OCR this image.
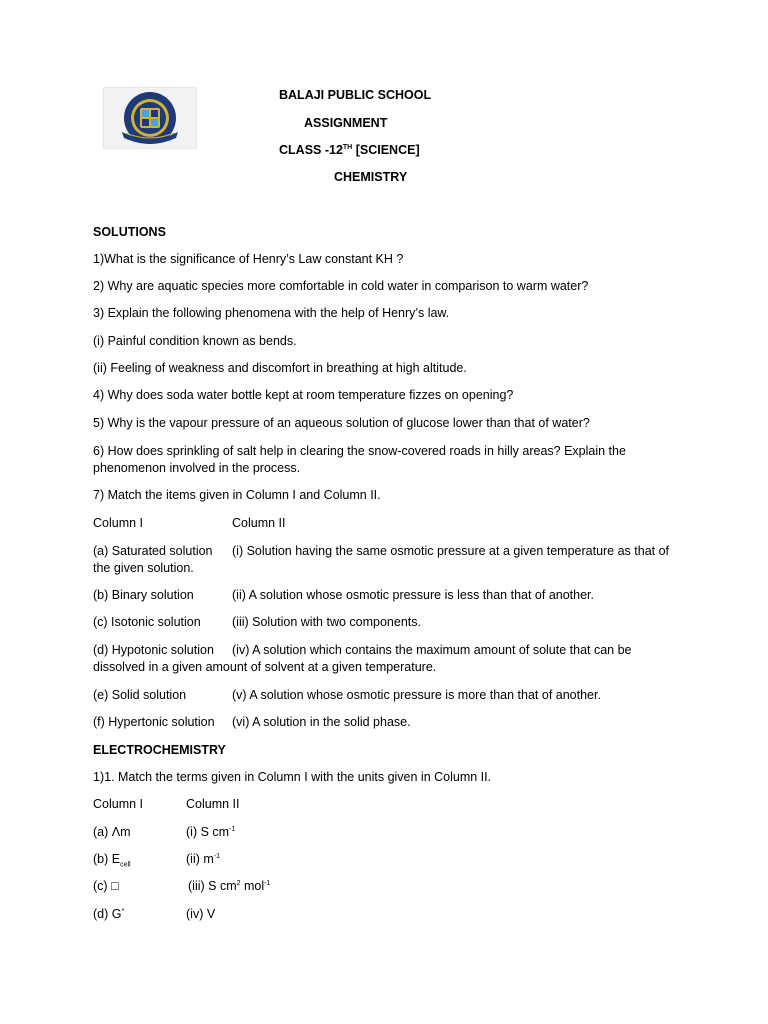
BALAJI PUBLIC SCHOOL
ASSIGNMENT
CLASS -12TH [SCIENCE]
CHEMISTRY
SOLUTIONS
1)What is the significance of Henry’s Law constant KH ?
2) Why are aquatic species more comfortable in cold water in comparison to warm water?
3) Explain the following phenomena with the help of Henry’s law.
(i) Painful condition known as bends.
(ii) Feeling of weakness and discomfort in breathing at high altitude.
4) Why does soda water bottle kept at room temperature fizzes on opening?
5) Why is the vapour pressure of an aqueous solution of glucose lower than that of water?
6) How does sprinkling of salt help in clearing the snow-covered roads in hilly areas? Explain the phenomenon involved in the process.
7) Match the items given in Column I and Column II.
Column I	Column II
(a) Saturated solution (i) Solution having the same osmotic pressure at a given temperature as that of the given solution.
(b) Binary solution	(ii) A solution whose osmotic pressure is less than that of another.
(c) Isotonic solution	(iii) Solution with two components.
(d) Hypotonic solution (iv) A solution which contains the maximum amount of solute that can be dissolved in a given amount of solvent at a given temperature.
(e) Solid solution	(v) A solution whose osmotic pressure is more than that of another.
(f) Hypertonic solution (vi) A solution in the solid phase.
ELECTROCHEMISTRY
1)1. Match the terms given in Column I with the units given in Column II.
Column I	Column II
(a) Λm	(i) S $cm^{-1}$
(b) $E_{cell}$	(ii) $m^{-1}$
(c) □	(iii) S $cm^2$ mol$^{-1}$
(d) G*	(iv) V
